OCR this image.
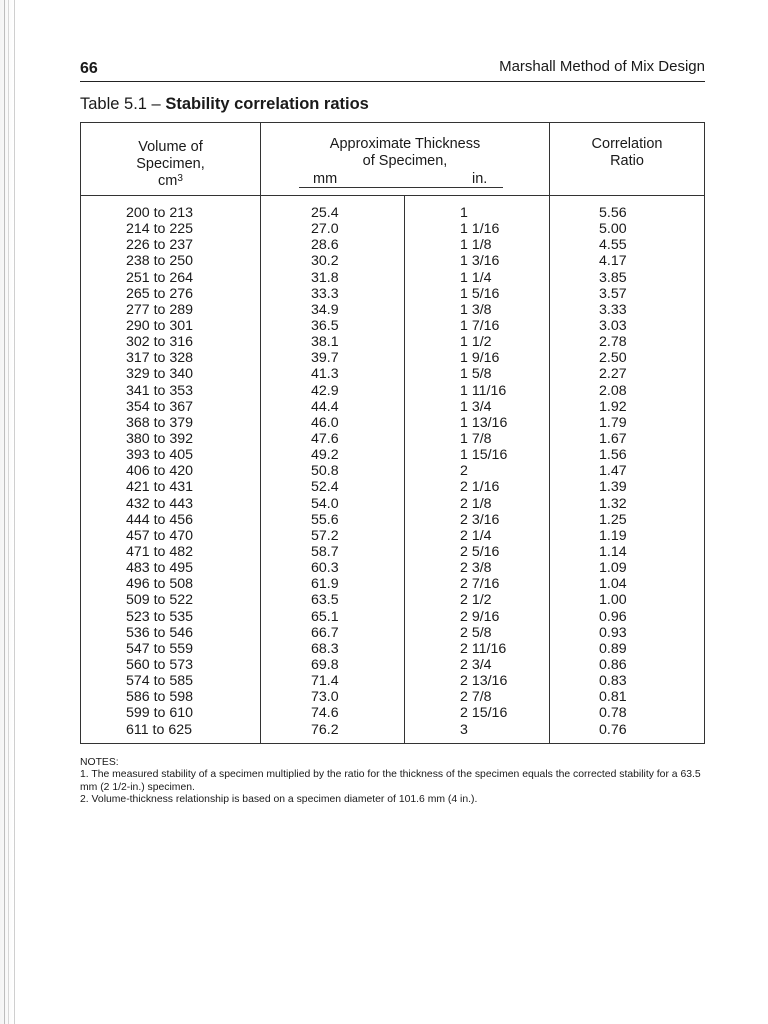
66	Marshall Method of Mix Design
Table 5.1 – Stability correlation ratios
Volume of
Specimen,
$cm^3$
Approximate Thickness
of Specimen,
mm	in.
Correlation
Ratio
200 to 213
214 to 225
226 to 237
238 to 250
251 to 264
265 to 276
277 to 289
290 to 301
302 to 316
317 to 328
329 to 340
341 to 353
354 to 367
368 to 379
380 to 392
393 to 405
406 to 420
421 to 431
432 to 443
444 to 456
457 to 470
471 to 482
483 to 495
496 to 508
509 to 522
523 to 535
536 to 546
547 to 559
560 to 573
574 to 585
586 to 598
599 to 610
611 to 625
25.4
27.0
28.6
30.2
31.8
33.3
34.9
36.5
38.1
39.7
41.3
42.9
44.4
46.0
47.6
49.2
50.8
52.4
54.0
55.6
57.2
58.7
60.3
61.9
63.5
65.1
66.7
68.3
69.8
71.4
73.0
74.6
76.2
1
1 1/16
1 1/8
1 3/16
1 1/4
1 5/16
1 3/8
1 7/16
1 1/2
1 9/16
1 5/8
1 11/16
1 3/4
1 13/16
1 7/8
1 15/16
2
2 1/16
2 1/8
2 3/16
2 1/4
2 5/16
2 3/8
2 7/16
2 1/2
2 9/16
2 5/8
2 11/16
2 3/4
2 13/16
2 7/8
2 15/16
3
5.56
5.00
4.55
4.17
3.85
3.57
3.33
3.03
2.78
2.50
2.27
2.08
1.92
1.79
1.67
1.56
1.47
1.39
1.32
1.25
1.19
1.14
1.09
1.04
1.00
0.96
0.93
0.89
0.86
0.83
0.81
0.78
0.76
NOTES:
1. The measured stability of a specimen multiplied by the ratio for the thickness of the specimen equals the corrected stability for a 63.5 mm (2 1/2-in.) specimen.
2. Volume-thickness relationship is based on a specimen diameter of 101.6 mm (4 in.).
